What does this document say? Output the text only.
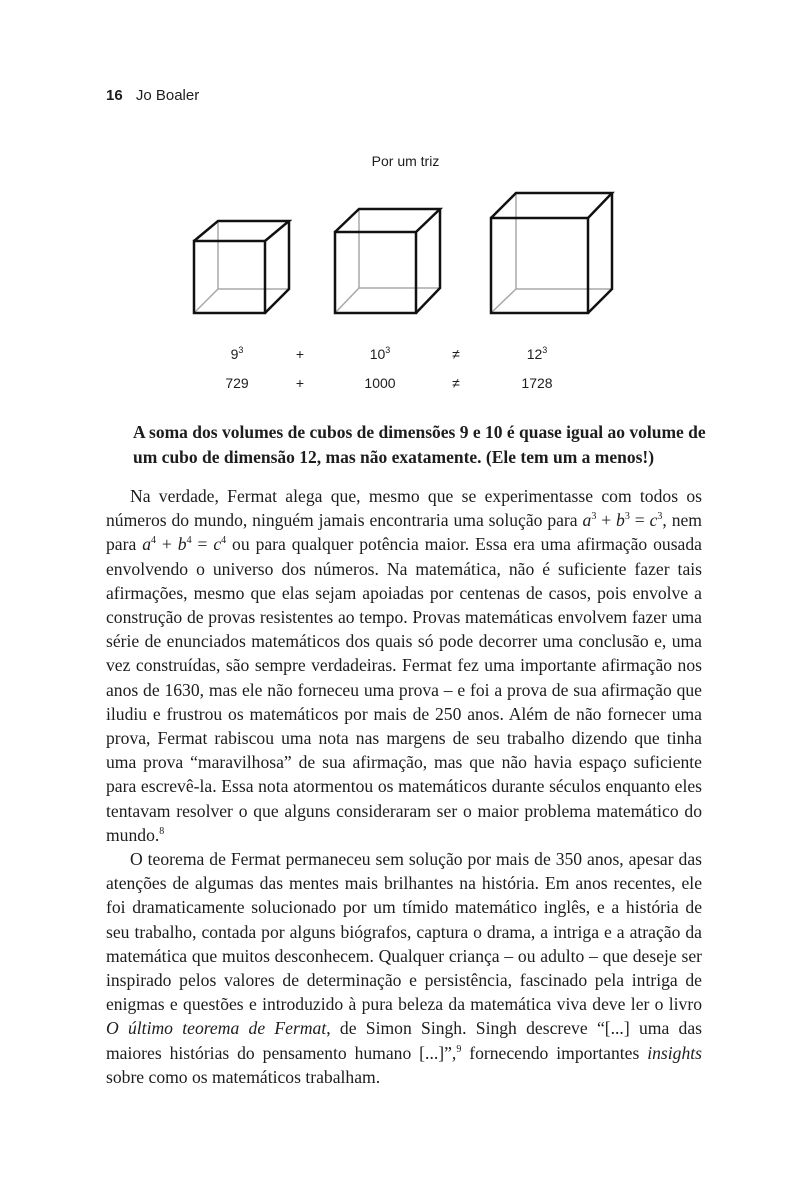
16 Jo Boaler
Por um triz
$9^3$	+	$10^3$	≠	$12^3$
729	+	1000	≠	1728
A soma dos volumes de cubos de dimensões 9 e 10 é quase igual ao volume de um cubo de dimensão 12, mas não exatamente. (Ele tem um a menos!)

Na verdade, Fermat alega que, mesmo que se experimentasse com todos os números do mundo, ninguém jamais encontraria uma solução para $a^3 + b^3 = c^3$, nem para $a^4 + b^4 = c^4$ ou para qualquer potência maior. Essa era uma afirmação ousada envolvendo o universo dos números. Na matemática, não é suficiente fazer tais afirmações, mesmo que elas sejam apoiadas por centenas de casos, pois envolve a construção de provas resistentes ao tempo. Provas matemáticas envolvem fazer uma série de enunciados matemáticos dos quais só pode decorrer uma conclusão e, uma vez construídas, são sempre verdadeiras. Fermat fez uma importante afirmação nos anos de 1630, mas ele não forneceu uma prova – e foi a prova de sua afirmação que iludiu e frustrou os matemáticos por mais de 250 anos. Além de não fornecer uma prova, Fermat rabiscou uma nota nas margens de seu trabalho dizendo que tinha uma prova “maravilhosa” de sua afirmação, mas que não havia espaço suficiente para escrevê-la. Essa nota atormentou os matemáticos durante séculos enquanto eles tentavam resolver o que alguns consideraram ser o maior problema matemático do mundo.$^8$

O teorema de Fermat permaneceu sem solução por mais de 350 anos, apesar das atenções de algumas das mentes mais brilhantes na história. Em anos recentes, ele foi dramaticamente solucionado por um tímido matemático inglês, e a história de seu trabalho, contada por alguns biógrafos, captura o drama, a intriga e a atração da matemática que muitos desconhecem. Qualquer criança – ou adulto – que deseje ser inspirado pelos valores de determinação e persistência, fascinado pela intriga de enigmas e questões e introduzido à pura beleza da matemática viva deve ler o livro O último teorema de Fermat, de Simon Singh. Singh descreve “[...] uma das maiores histórias do pensamento humano [...]”,$^9$ fornecendo importantes insights sobre como os matemáticos trabalham.
